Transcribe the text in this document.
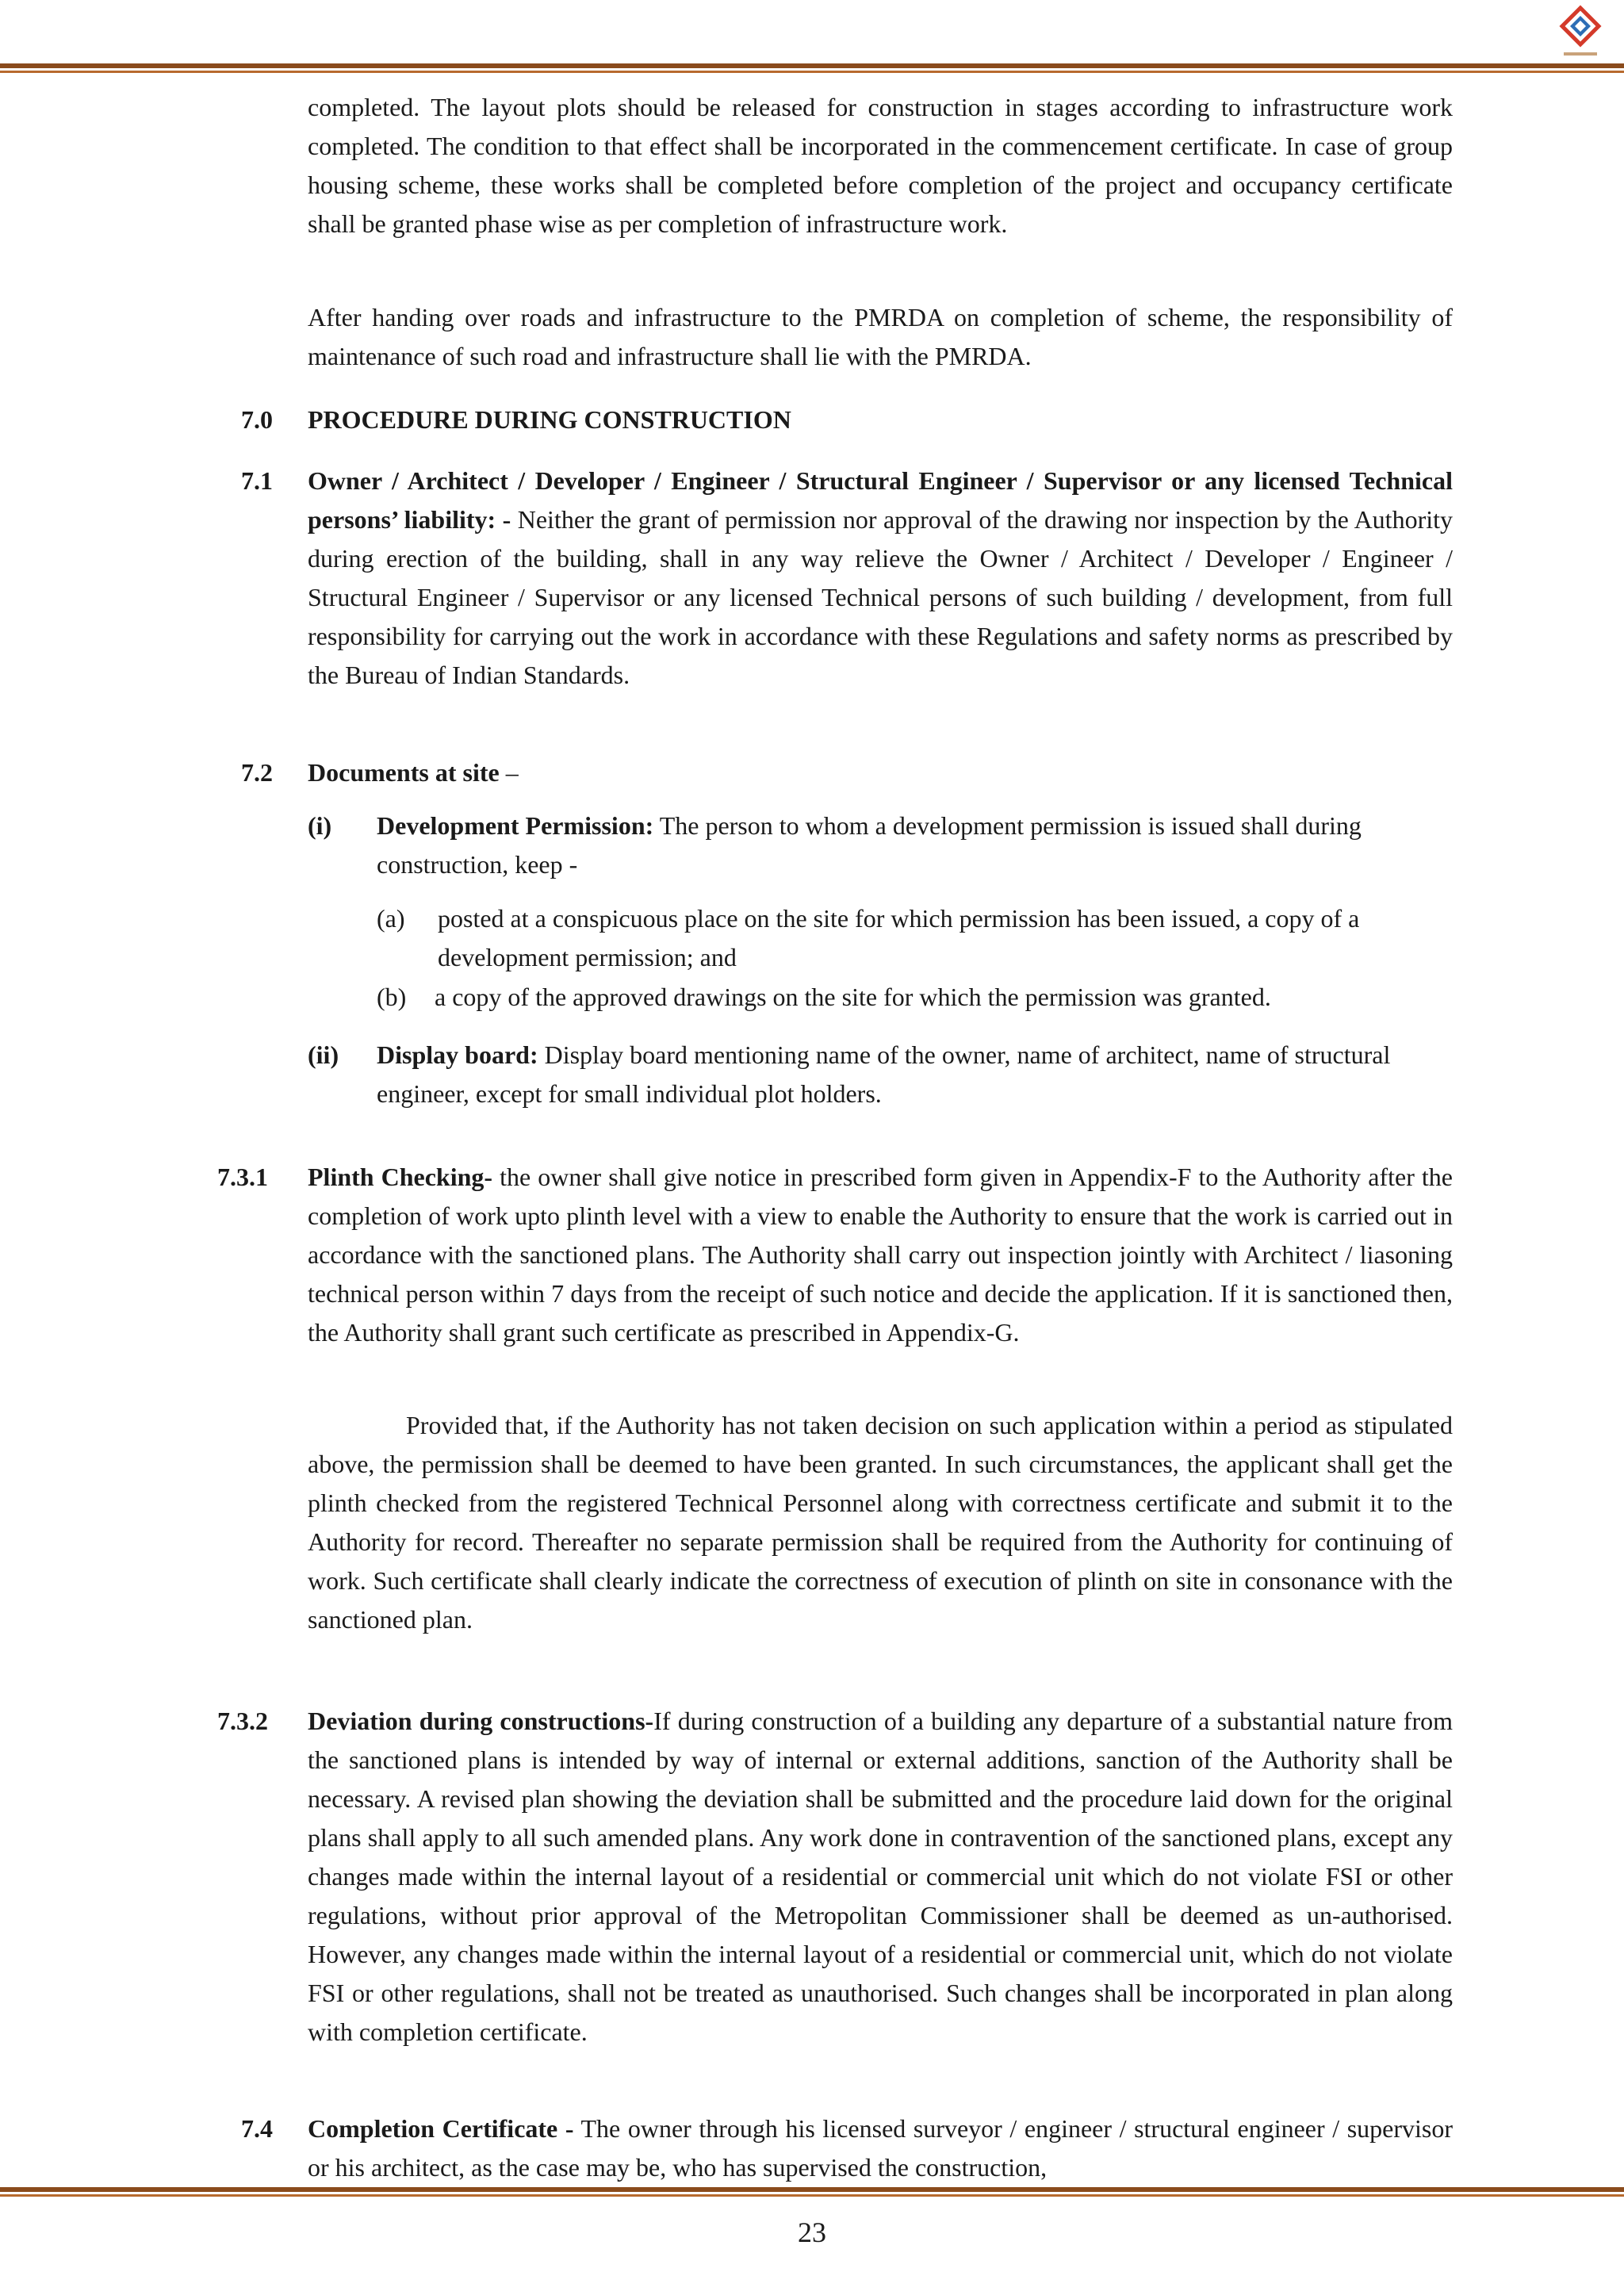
completed. The layout plots should be released for construction in stages according to infrastructure work completed. The condition to that effect shall be incorporated in the commencement certificate. In case of group housing scheme, these works shall be completed before completion of the project and occupancy certificate shall be granted phase wise as per completion of infrastructure work.

After handing over roads and infrastructure to the PMRDA on completion of scheme, the responsibility of maintenance of such road and infrastructure shall lie with the PMRDA.

7.0 PROCEDURE DURING CONSTRUCTION

7.1 Owner / Architect / Developer / Engineer / Structural Engineer / Supervisor or any licensed Technical persons’ liability: - Neither the grant of permission nor approval of the drawing nor inspection by the Authority during erection of the building, shall in any way relieve the Owner / Architect / Developer / Engineer / Structural Engineer / Supervisor or any licensed Technical persons of such building / development, from full responsibility for carrying out the work in accordance with these Regulations and safety norms as prescribed by the Bureau of Indian Standards.

7.2 Documents at site –

(i) Development Permission: The person to whom a development permission is issued shall during construction, keep -

(a) posted at a conspicuous place on the site for which permission has been issued, a copy of a development permission; and

(b) a copy of the approved drawings on the site for which the permission was granted.

(ii) Display board: Display board mentioning name of the owner, name of architect, name of structural engineer, except for small individual plot holders.

7.3.1 Plinth Checking- the owner shall give notice in prescribed form given in Appendix-F to the Authority after the completion of work upto plinth level with a view to enable the Authority to ensure that the work is carried out in accordance with the sanctioned plans. The Authority shall carry out inspection jointly with Architect / liasoning technical person within 7 days from the receipt of such notice and decide the application. If it is sanctioned then, the Authority shall grant such certificate as prescribed in Appendix-G.

Provided that, if the Authority has not taken decision on such application within a period as stipulated above, the permission shall be deemed to have been granted. In such circumstances, the applicant shall get the plinth checked from the registered Technical Personnel along with correctness certificate and submit it to the Authority for record. Thereafter no separate permission shall be required from the Authority for continuing of work. Such certificate shall clearly indicate the correctness of execution of plinth on site in consonance with the sanctioned plan.

7.3.2 Deviation during constructions-If during construction of a building any departure of a substantial nature from the sanctioned plans is intended by way of internal or external additions, sanction of the Authority shall be necessary. A revised plan showing the deviation shall be submitted and the procedure laid down for the original plans shall apply to all such amended plans. Any work done in contravention of the sanctioned plans, except any changes made within the internal layout of a residential or commercial unit which do not violate FSI or other regulations, without prior approval of the Metropolitan Commissioner shall be deemed as un-authorised. However, any changes made within the internal layout of a residential or commercial unit, which do not violate FSI or other regulations, shall not be treated as unauthorised. Such changes shall be incorporated in plan along with completion certificate.

7.4 Completion Certificate - The owner through his licensed surveyor / engineer / structural engineer / supervisor or his architect, as the case may be, who has supervised the construction,

23
